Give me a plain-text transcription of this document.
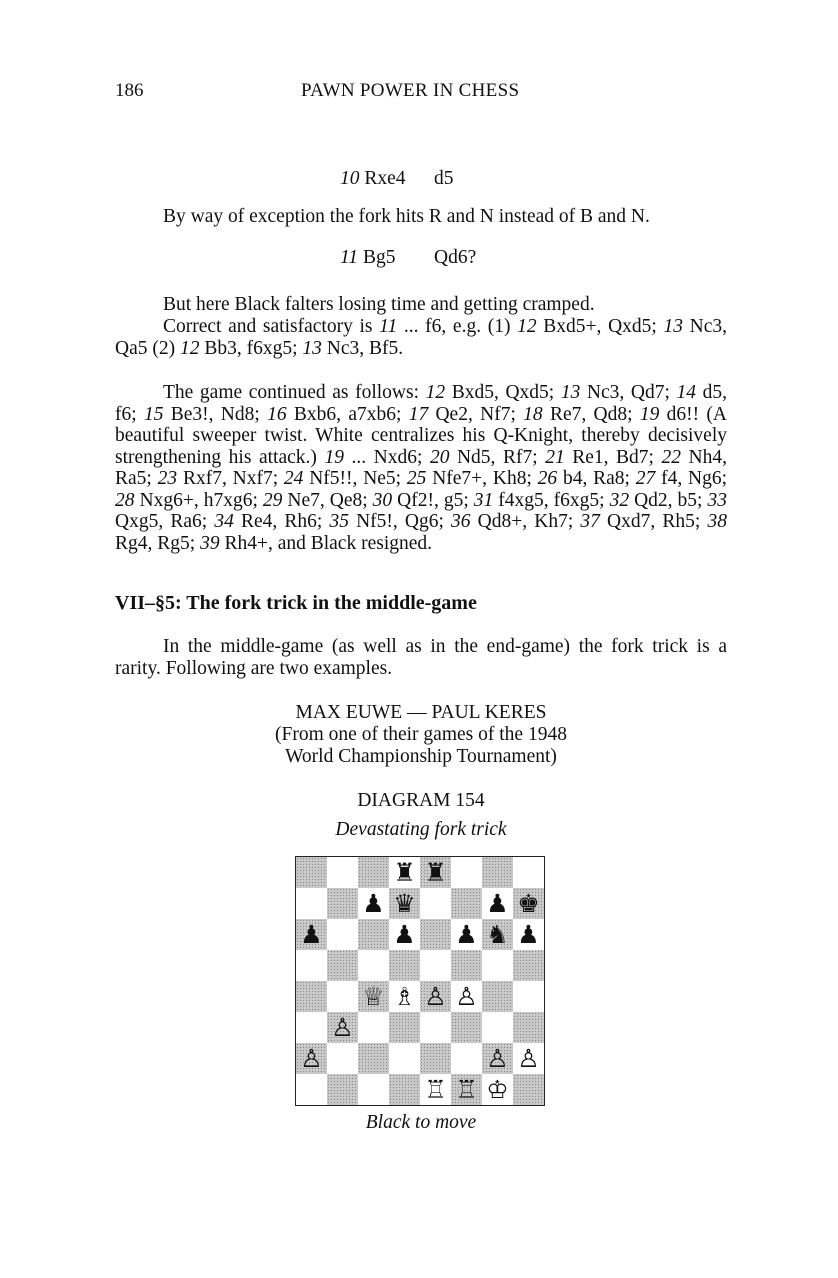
186	PAWN POWER IN CHESS
10 Rxe4 d5

By way of exception the fork hits R and N instead of B and N.

11 Bg5 Qd6?

But here Black falters losing time and getting cramped.

Correct and satisfactory is 11 ... f6, e.g. (1) 12 Bxd5+, Qxd5; 13 Nc3, Qa5 (2) 12 Bb3, f6xg5; 13 Nc3, Bf5.

The game continued as follows: 12 Bxd5, Qxd5; 13 Nc3, Qd7; 14 d5, f6; 15 Be3!, Nd8; 16 Bxb6, a7xb6; 17 Qe2, Nf7; 18 Re7, Qd8; 19 d6!! (A beautiful sweeper twist. White centralizes his Q-Knight, thereby decisively strengthening his attack.) 19 ... Nxd6; 20 Nd5, Rf7; 21 Re1, Bd7; 22 Nh4, Ra5; 23 Rxf7, Nxf7; 24 Nf5!!, Ne5; 25 Nfe7+, Kh8; 26 b4, Ra8; 27 f4, Ng6; 28 Nxg6+, h7xg6; 29 Ne7, Qe8; 30 Qf2!, g5; 31 f4xg5, f6xg5; 32 Qd2, b5; 33 Qxg5, Ra6; 34 Re4, Rh6; 35 Nf5!, Qg6; 36 Qd8+, Kh7; 37 Qxd7, Rh5; 38 Rg4, Rg5; 39 Rh4+, and Black resigned.

VII–§5: The fork trick in the middle-game

In the middle-game (as well as in the end-game) the fork trick is a rarity. Following are two examples.

MAX EUWE — PAUL KERES
(From one of their games of the 1948
World Championship Tournament)
DIAGRAM 154
Devastating fork trick
♜ ♜
♟ ♛	♟ ♚
♟	♟ ♟ ♞ ♟
♕ ♗ ♙ ♙
♙
♙	♙ ♙
♖ ♖ ♔
Black to move
